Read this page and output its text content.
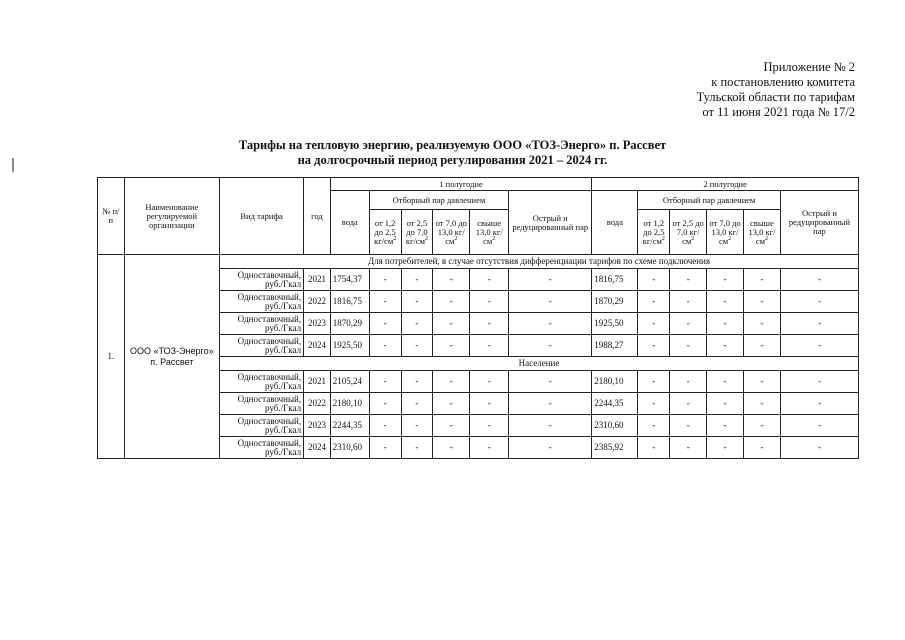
Приложение № 2
к постановлению комитета
Тульской области по тарифам
от 11 июня 2021 года № 17/2
Тарифы на тепловую энергию, реализуемую ООО «ТОЗ-Энерго» п. Рассвет
на долгосрочный период регулирования 2021 – 2024 гг.
№ п/п	Наименование регулируемой организации	Вид тарифа	год	1 полугодие						2 полугодие					
				вода	Отборный пар давлением				Острый и редуцированный пар	вода	Отборный пар давлением				Острый и редуцированный пар
					от 1,2 до 2,5 $кг/см^2$	от 2,5 до 7,0 $кг/см^2$	от 7,0 до 13,0 $кг/см^2$	свыше 13,0 $кг/см^2$			от 1,2 до 2,5 $кг/см^2$	от 2,5 до 7,0 $кг/см^2$	от 7,0 до 13,0 $кг/см^2$	свыше 13,0 $кг/см^2$
1.	ООО «ТОЗ-Энерго» п. Рассвет	Для потребителей, в случае отсутствия дифференциации тарифов по схеме подключения													
		Одноставочный, руб./Гкал	2021	1754,37	-	-	-	-	-	1816,75	-	-	-	-	-
		Одноставочный, руб./Гкал	2022	1816,75	-	-	-	-	-	1870,29	-	-	-	-	-
		Одноставочный, руб./Гкал	2023	1870,29	-	-	-	-	-	1925,50	-	-	-	-	-
		Одноставочный, руб./Гкал	2024	1925,50	-	-	-	-	-	1988,27	-	-	-	-	-
		Население													
		Одноставочный, руб./Гкал	2021	2105,24	-	-	-	-	-	2180,10	-	-	-	-	-
		Одноставочный, руб./Гкал	2022	2180,10	-	-	-	-	-	2244,35	-	-	-	-	-
		Одноставочный, руб./Гкал	2023	2244,35	-	-	-	-	-	2310,60	-	-	-	-	-
		Одноставочный, руб./Гкал	2024	2310,60	-	-	-	-	-	2385,92	-	-	-	-	-
